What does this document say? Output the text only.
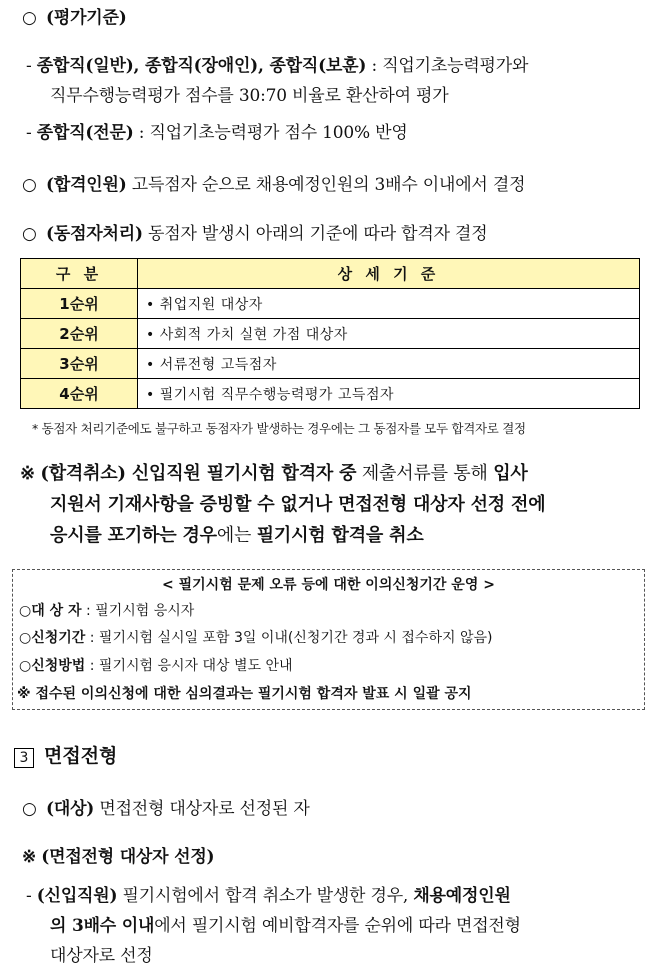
○ (평가기준)
- 종합직(일반), 종합직(장애인), 종합직(보훈) : 직업기초능력평가와
직무수행능력평가 점수를 30:70 비율로 환산하여 평가
- 종합직(전문) : 직업기초능력평가 점수 100% 반영
○ (합격인원) 고득점자 순으로 채용예정인원의 3배수 이내에서 결정
○ (동점자처리) 동점자 발생시 아래의 기준에 따라 합격자 결정
구 분	상 세 기 준
1순위	• 취업지원 대상자
2순위	• 사회적 가치 실현 가점 대상자
3순위	• 서류전형 고득점자
4순위	• 필기시험 직무수행능력평가 고득점자
* 동점자 처리기준에도 불구하고 동점자가 발생하는 경우에는 그 동점자를 모두 합격자로 결정
※ (합격취소) 신입직원 필기시험 합격자 중 제출서류를 통해 입사
지원서 기재사항을 증빙할 수 없거나 면접전형 대상자 선정 전에
응시를 포기하는 경우에는 필기시험 합격을 취소
< 필기시험 문제 오류 등에 대한 이의신청기간 운영 >
○대 상 자 : 필기시험 응시자
○신청기간 : 필기시험 실시일 포함 3일 이내(신청기간 경과 시 접수하지 않음)
○신청방법 : 필기시험 응시자 대상 별도 안내
※ 접수된 이의신청에 대한 심의결과는 필기시험 합격자 발표 시 일괄 공지
3 면접전형
○ (대상) 면접전형 대상자로 선정된 자
※ (면접전형 대상자 선정)
- (신입직원) 필기시험에서 합격 취소가 발생한 경우, 채용예정인원
의 3배수 이내에서 필기시험 예비합격자를 순위에 따라 면접전형
대상자로 선정
